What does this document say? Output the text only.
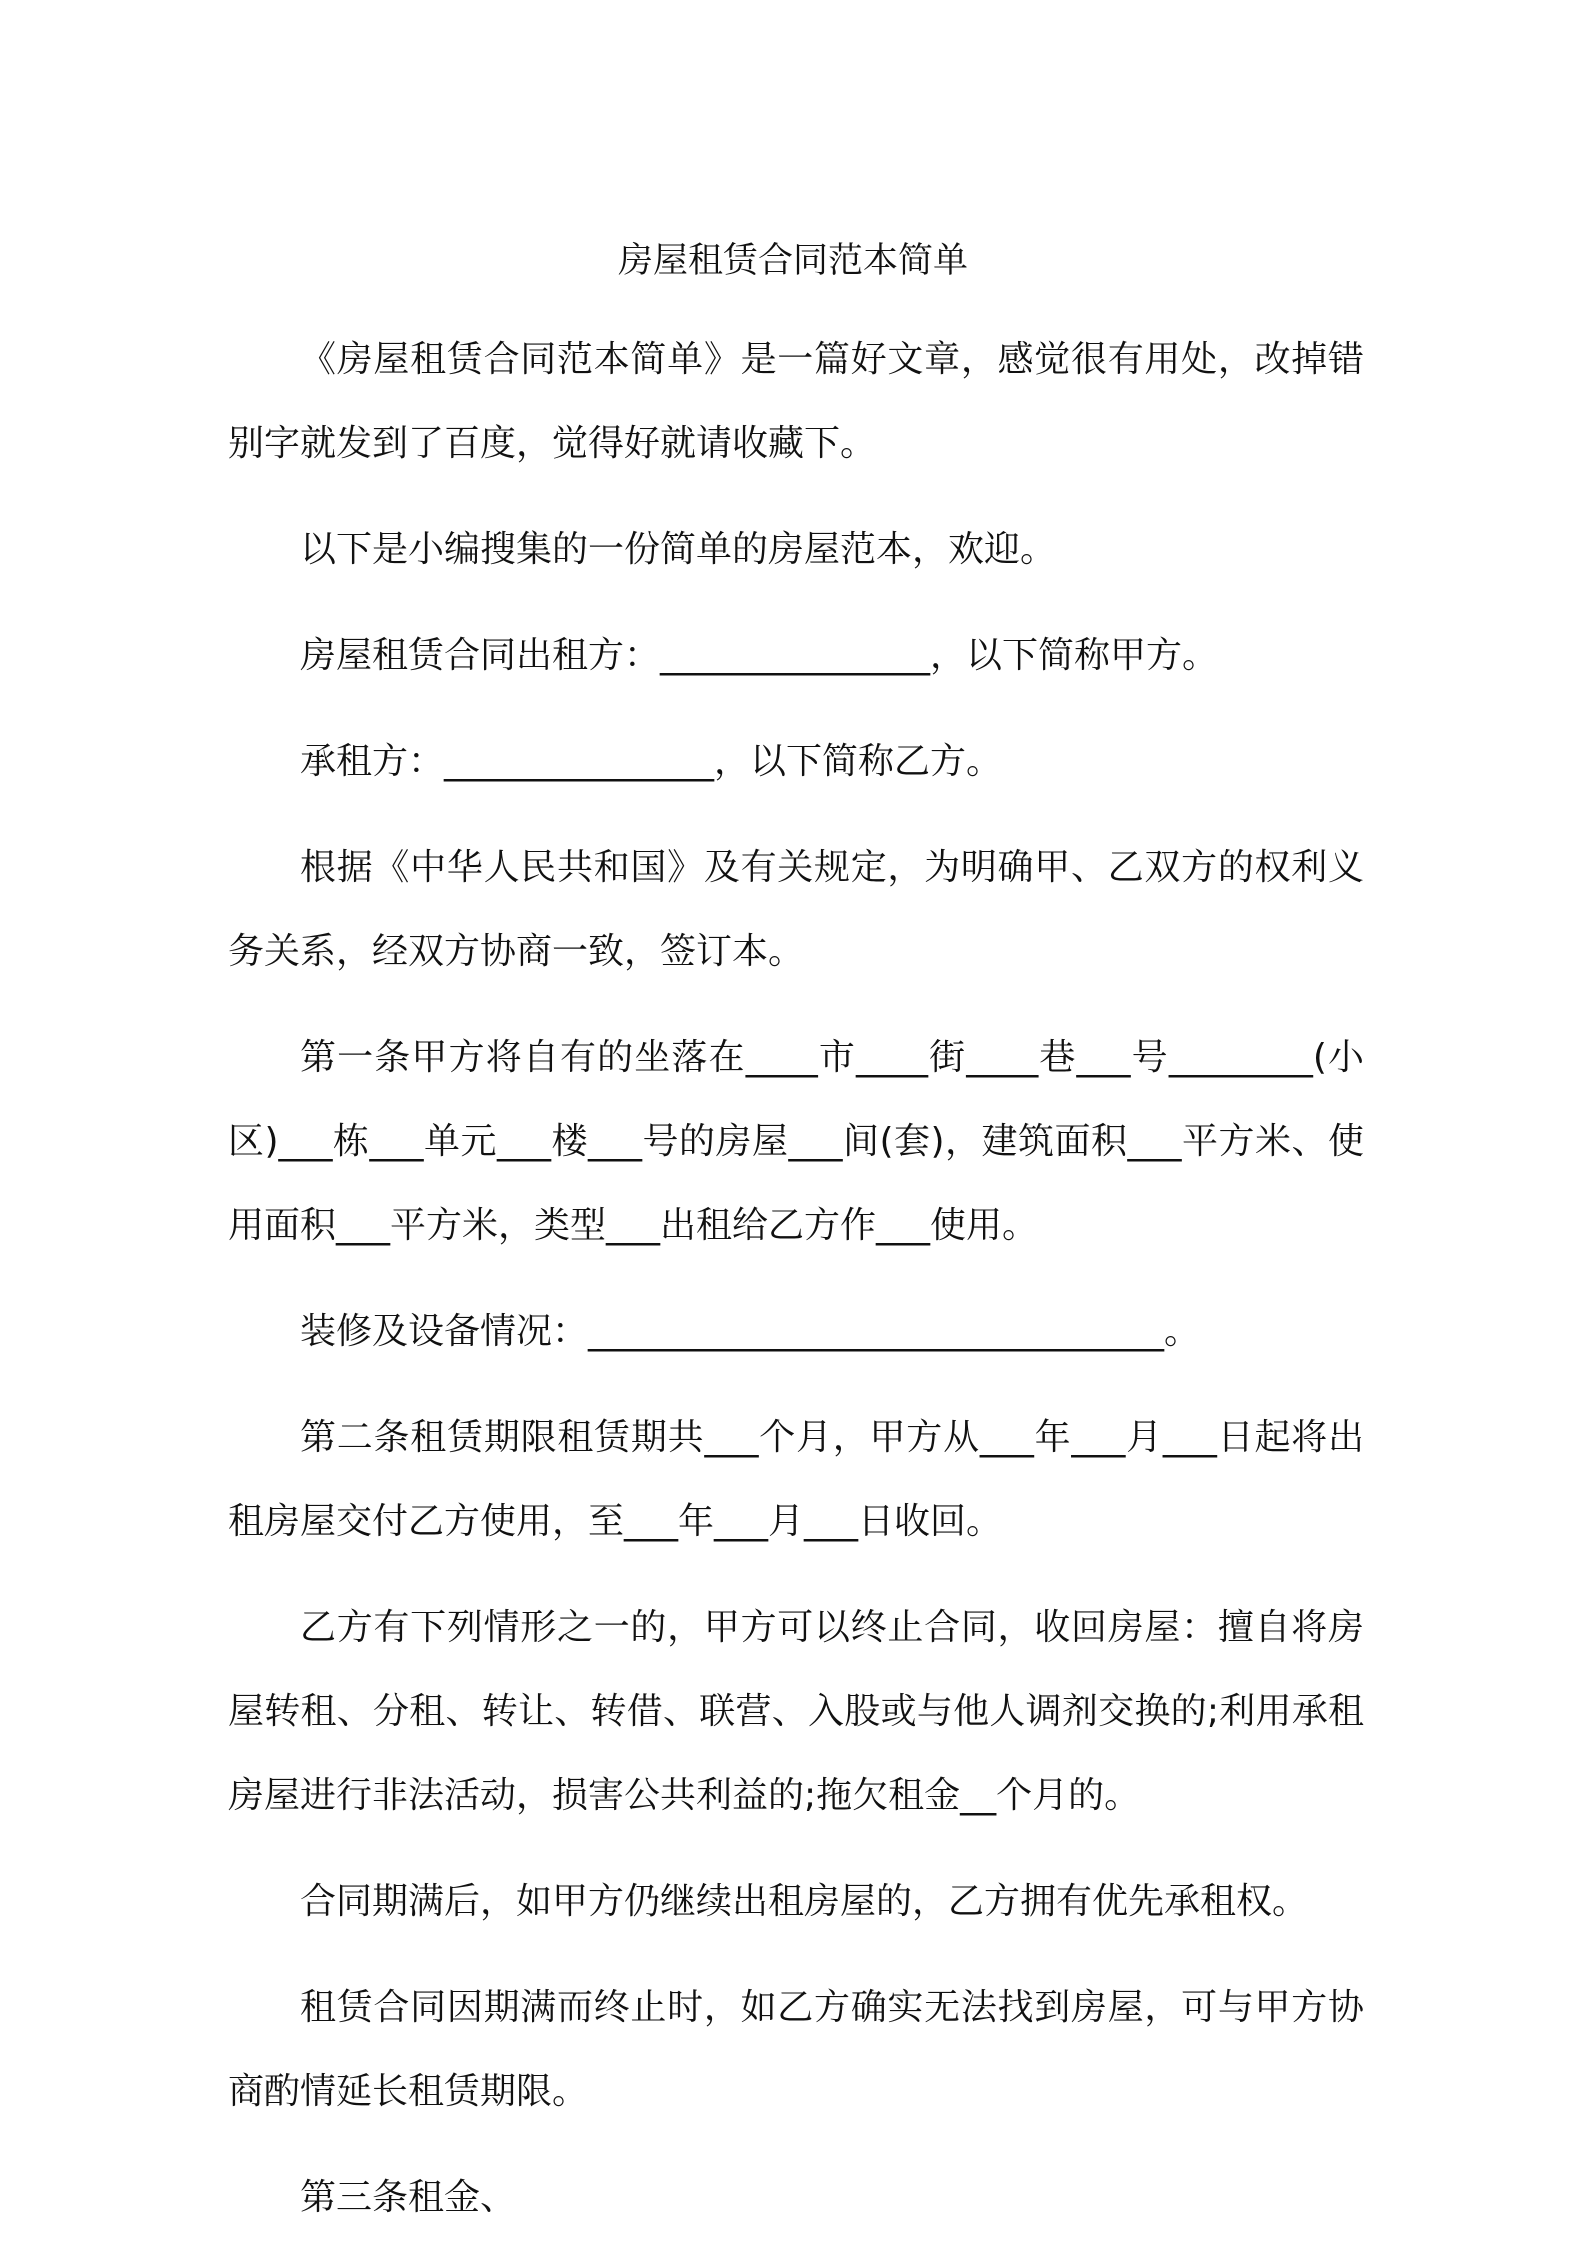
房屋租赁合同范本简单

《房屋租赁合同范本简单》是一篇好文章，感觉很有用处，改掉错别字就发到了百度，觉得好就请收藏下。

以下是小编搜集的一份简单的房屋范本，欢迎。

房屋租赁合同出租方：_______________，以下简称甲方。

承租方：_______________，以下简称乙方。

根据《中华人民共和国》及有关规定，为明确甲、乙双方的权利义务关系，经双方协商一致，签订本。

第一条甲方将自有的坐落在____市____街____巷___号________(小区)___栋___单元___楼___号的房屋___间(套)，建筑面积___平方米、使用面积___平方米，类型___出租给乙方作___使用。

装修及设备情况：________________________________。

第二条租赁期限租赁期共___个月，甲方从___年___月___日起将出租房屋交付乙方使用，至___年___月___日收回。

乙方有下列情形之一的，甲方可以终止合同，收回房屋：擅自将房屋转租、分租、转让、转借、联营、入股或与他人调剂交换的;利用承租房屋进行非法活动，损害公共利益的;拖欠租金__个月的。

合同期满后，如甲方仍继续出租房屋的，乙方拥有优先承租权。

租赁合同因期满而终止时，如乙方确实无法找到房屋，可与甲方协商酌情延长租赁期限。

第三条租金、
